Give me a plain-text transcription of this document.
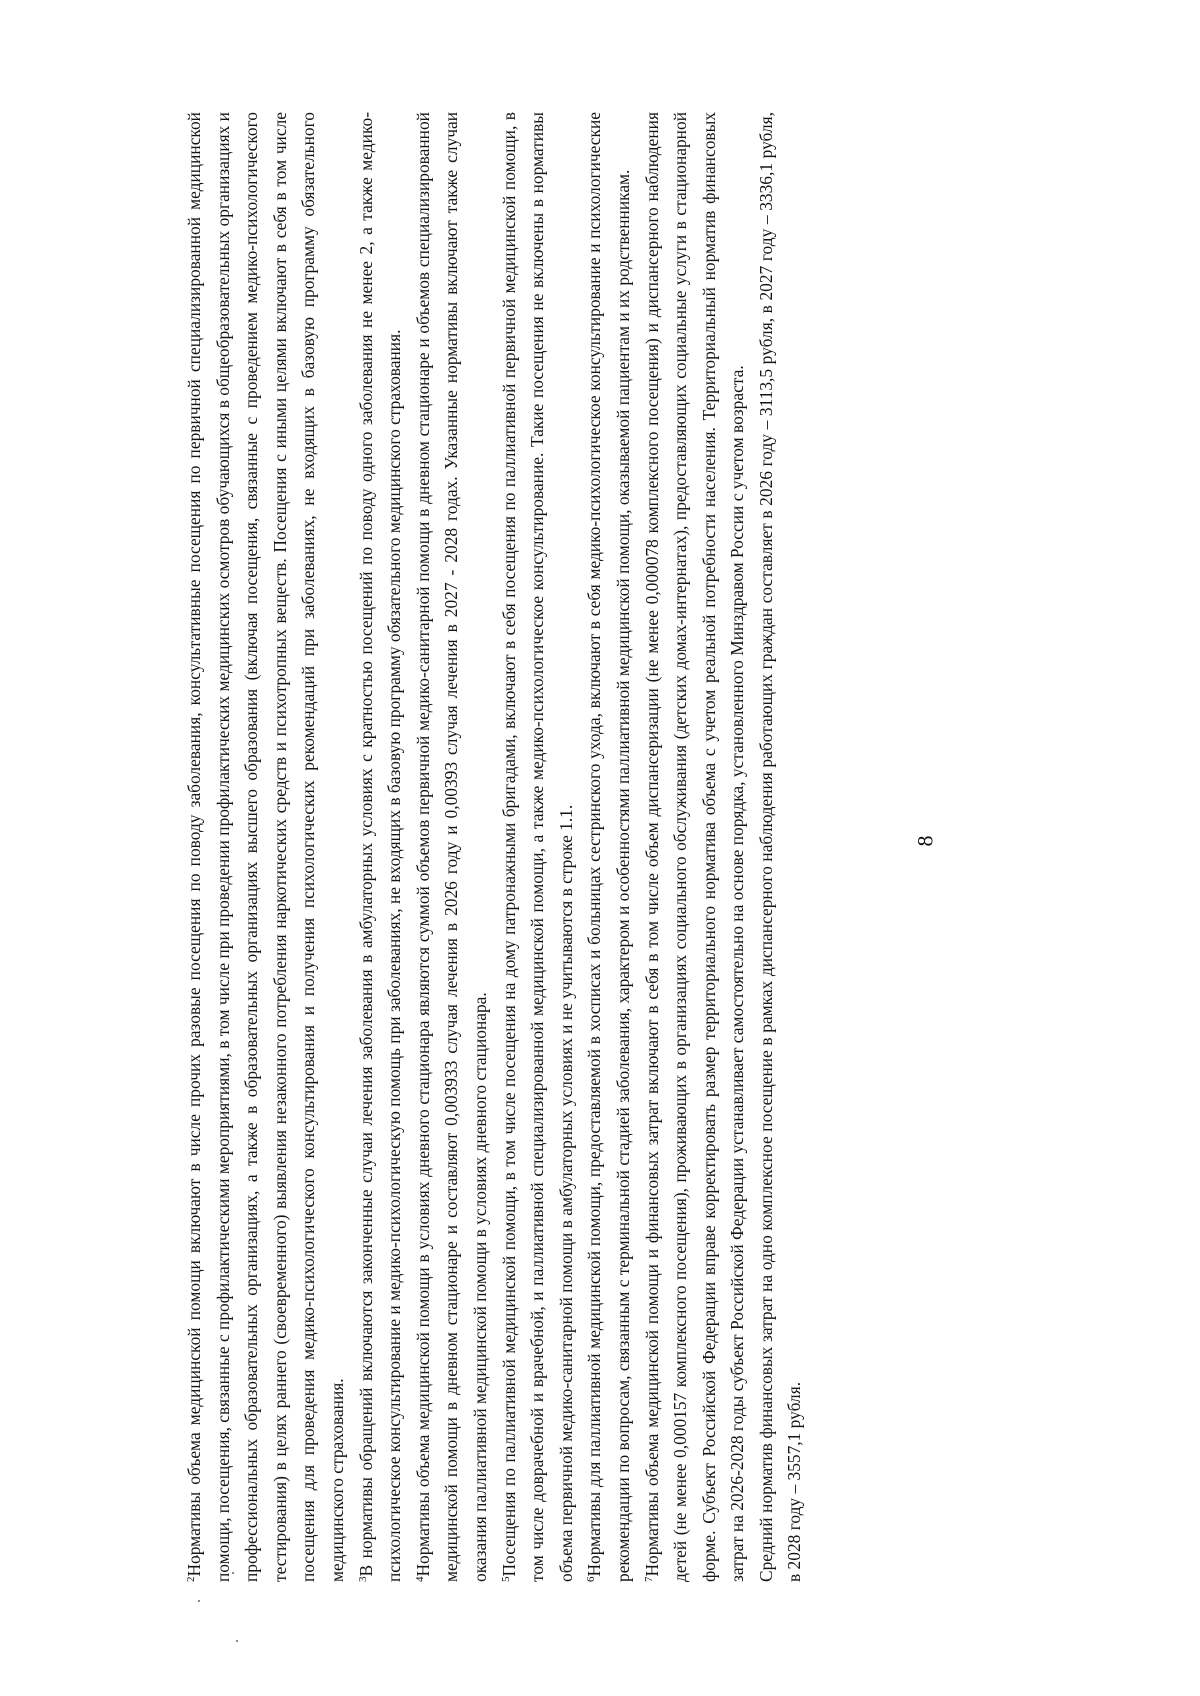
8

$^2$Нормативы объема медицинской помощи включают в числе прочих разовые посещения по поводу заболевания, консультативные посещения по первичной специализированной медицинской помощи, посещения, связанные с профилактическими мероприятиями, в том числе при проведении профилактических медицинских осмотров обучающихся в общеобразовательных организациях и профессиональных образовательных организациях, а также в образовательных организациях высшего образования (включая посещения, связанные с проведением медико-психологического тестирования) в целях раннего (своевременного) выявления незаконного потребления наркотических средств и психотропных веществ. Посещения с иными целями включают в себя в том числе посещения для проведения медико-психологического консультирования и получения психологических рекомендаций при заболеваниях, не входящих в базовую программу обязательного медицинского страхования. $^3$В нормативы обращений включаются законченные случаи лечения заболевания в амбулаторных условиях с кратностью посещений по поводу одного заболевания не менее 2, а также медико-психологическое консультирование и медико-психологическую помощь при заболеваниях, не входящих в базовую программу обязательного медицинского страхования. $^4$Нормативы объема медицинской помощи в условиях дневного стационара являются суммой объемов первичной медико-санитарной помощи в дневном стационаре и объемов специализированной медицинской помощи в дневном стационаре и составляют 0,003933 случая лечения в 2026 году и 0,00393 случая лечения в 2027 - 2028 годах. Указанные нормативы включают также случаи оказания паллиативной медицинской помощи в условиях дневного стационара. $^5$Посещения по паллиативной медицинской помощи, в том числе посещения на дому патронажными бригадами, включают в себя посещения по паллиативной первичной медицинской помощи, в том числе доврачебной и врачебной, и паллиативной специализированной медицинской помощи, а также медико-психологическое консультирование. Такие посещения не включены в нормативы объема первичной медико-санитарной помощи в амбулаторных условиях и не учитываются в строке 1.1. $^6$Нормативы для паллиативной медицинской помощи, предоставляемой в хосписах и больницах сестринского ухода, включают в себя медико-психологическое консультирование и психологические рекомендации по вопросам, связанным с терминальной стадией заболевания, характером и особенностями паллиативной медицинской помощи, оказываемой пациентам и их родственникам. $^7$Нормативы объема медицинской помощи и финансовых затрат включают в себя в том числе объем диспансеризации (не менее 0,000078 комплексного посещения) и диспансерного наблюдения детей (не менее 0,000157 комплексного посещения), проживающих в организациях социального обслуживания (детских домах-интернатах), предоставляющих социальные услуги в стационарной форме. Субъект Российской Федерации вправе корректировать размер территориального норматива объема с учетом реальной потребности населения. Территориальный норматив финансовых затрат на 2026-2028 годы субъект Российской Федерации устанавливает самостоятельно на основе порядка, установленного Минздравом России с учетом возраста. Средний норматив финансовых затрат на одно комплексное посещение в рамках диспансерного наблюдения работающих граждан составляет в 2026 году – 3113,5 рубля, в 2027 году – 3336,1 рубля, в 2028 году – 3557,1 рубля.
